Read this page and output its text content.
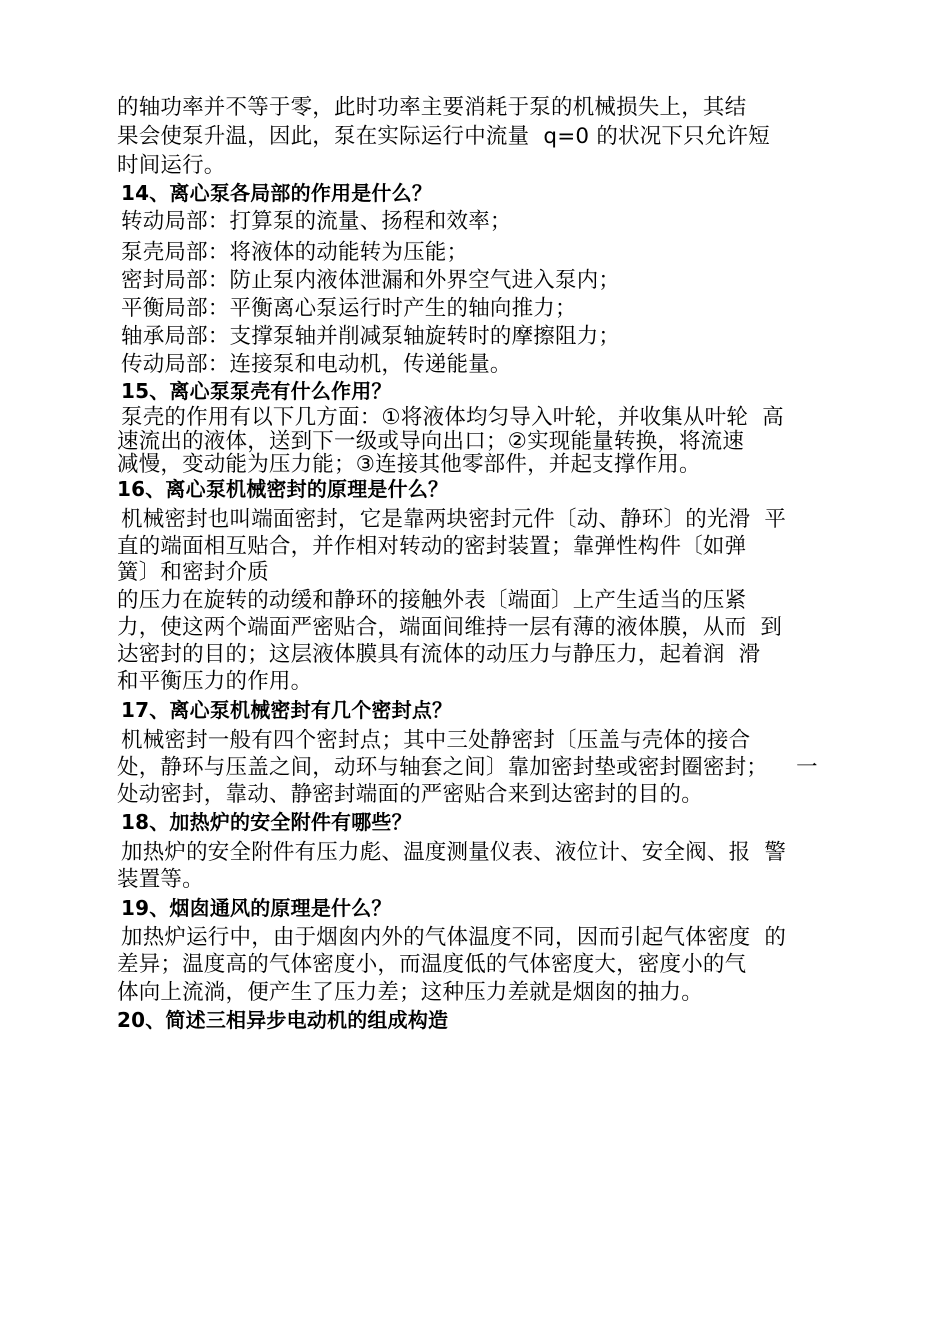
的轴功率并不等于零，此时功率主要消耗于泵的机械损失上，其结
果会使泵升温，因此，泵在实际运行中流量  q=0 的状况下只允许短
时间运行。
14、离心泵各局部的作用是什么？
转动局部：打算泵的流量、扬程和效率；
泵壳局部：将液体的动能转为压能；
密封局部：防止泵内液体泄漏和外界空气进入泵内；
平衡局部：平衡离心泵运行时产生的轴向推力；
轴承局部：支撑泵轴并削减泵轴旋转时的摩擦阻力；
传动局部：连接泵和电动机，传递能量。
15、离心泵泵壳有什么作用？
泵壳的作用有以下几方面：①将液体均匀导入叶轮，并收集从叶轮  高
速流出的液体，送到下一级或导向出口；②实现能量转换，将流速
减慢，变动能为压力能；③连接其他零部件，并起支撑作用。
16、离心泵机械密封的原理是什么？
机械密封也叫端面密封，它是靠两块密封元件〔动、静环〕的光滑  平
直的端面相互贴合，并作相对转动的密封装置；靠弹性构件〔如弹
簧〕和密封介质
的压力在旋转的动缓和静环的接触外表〔端面〕上产生适当的压紧
力，使这两个端面严密贴合，端面间维持一层有薄的液体膜，从而  到
达密封的目的；这层液体膜具有流体的动压力与静压力，起着润  滑
和平衡压力的作用。
17、离心泵机械密封有几个密封点？
机械密封一般有四个密封点；其中三处静密封〔压盖与壳体的接合
处，静环与压盖之间，动环与轴套之间〕靠加密封垫或密封圈密封；    一
处动密封，靠动、静密封端面的严密贴合来到达密封的目的。
18、加热炉的安全附件有哪些？
加热炉的安全附件有压力彪、温度测量仪表、液位计、安全阀、报  警
装置等。
19、烟囱通风的原理是什么？
加热炉运行中，由于烟囱内外的气体温度不同，因而引起气体密度  的
差异；温度高的气体密度小，而温度低的气体密度大，密度小的气
体向上流淌，便产生了压力差；这种压力差就是烟囱的抽力。
20、简述三相异步电动机的组成构造
